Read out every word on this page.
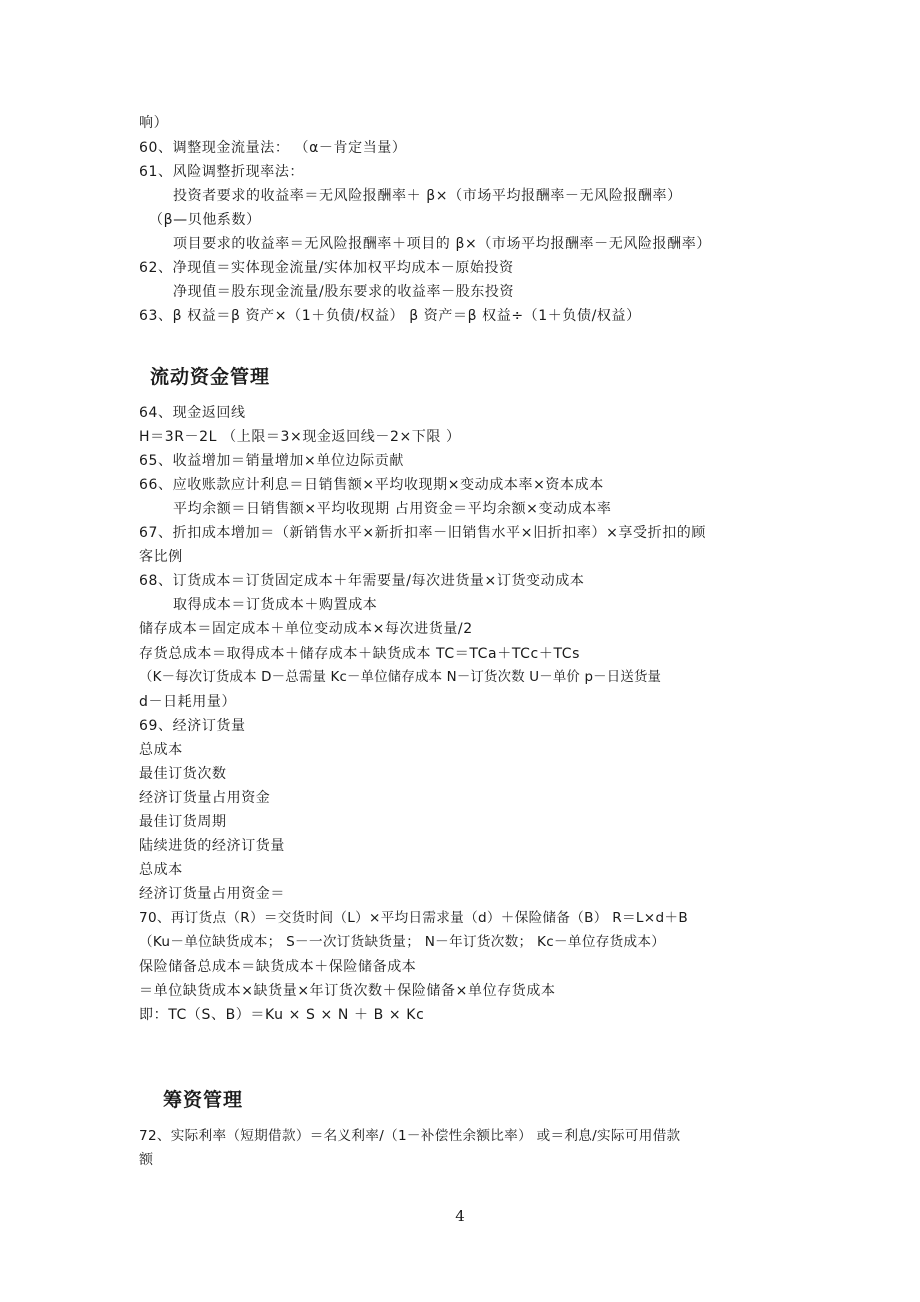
响）
60、调整现金流量法： （α－肯定当量）
61、风险调整折现率法：
投资者要求的收益率＝无风险报酬率＋ β×（市场平均报酬率－无风险报酬率）
（β—贝他系数）
项目要求的收益率＝无风险报酬率＋项目的 β×（市场平均报酬率－无风险报酬率）
62、净现值＝实体现金流量/实体加权平均成本－原始投资
净现值＝股东现金流量/股东要求的收益率－股东投资
63、β 权益＝β 资产×（1＋负债/权益） β 资产＝β 权益÷（1＋负债/权益）
流动资金管理
64、现金返回线
H＝3R－2L （上限＝3×现金返回线－2×下限 ）
65、收益增加＝销量增加×单位边际贡献
66、应收账款应计利息＝日销售额×平均收现期×变动成本率×资本成本
平均余额＝日销售额×平均收现期 占用资金＝平均余额×变动成本率
67、折扣成本增加＝（新销售水平×新折扣率－旧销售水平×旧折扣率）×享受折扣的顾
客比例
68、订货成本＝订货固定成本＋年需要量/每次进货量×订货变动成本
取得成本＝订货成本＋购置成本
储存成本＝固定成本＋单位变动成本×每次进货量/2
存货总成本＝取得成本＋储存成本＋缺货成本 TC＝TCa＋TCc＋TCs
（K－每次订货成本 D－总需量 Kc－单位储存成本 N－订货次数 U－单价 p－日送货量
d－日耗用量）
69、经济订货量
总成本
最佳订货次数
经济订货量占用资金
最佳订货周期
陆续进货的经济订货量
总成本
经济订货量占用资金＝
70、再订货点（R）＝交货时间（L）×平均日需求量（d）＋保险储备（B） R＝L×d＋B
（Ku－单位缺货成本； S－一次订货缺货量； N－年订货次数； Kc－单位存货成本）
保险储备总成本＝缺货成本＋保险储备成本
＝单位缺货成本×缺货量×年订货次数＋保险储备×单位存货成本
即：TC（S、B）＝Ku × S × N ＋ B × Kc
筹资管理
72、实际利率（短期借款）＝名义利率/（1－补偿性余额比率） 或＝利息/实际可用借款
额
4
